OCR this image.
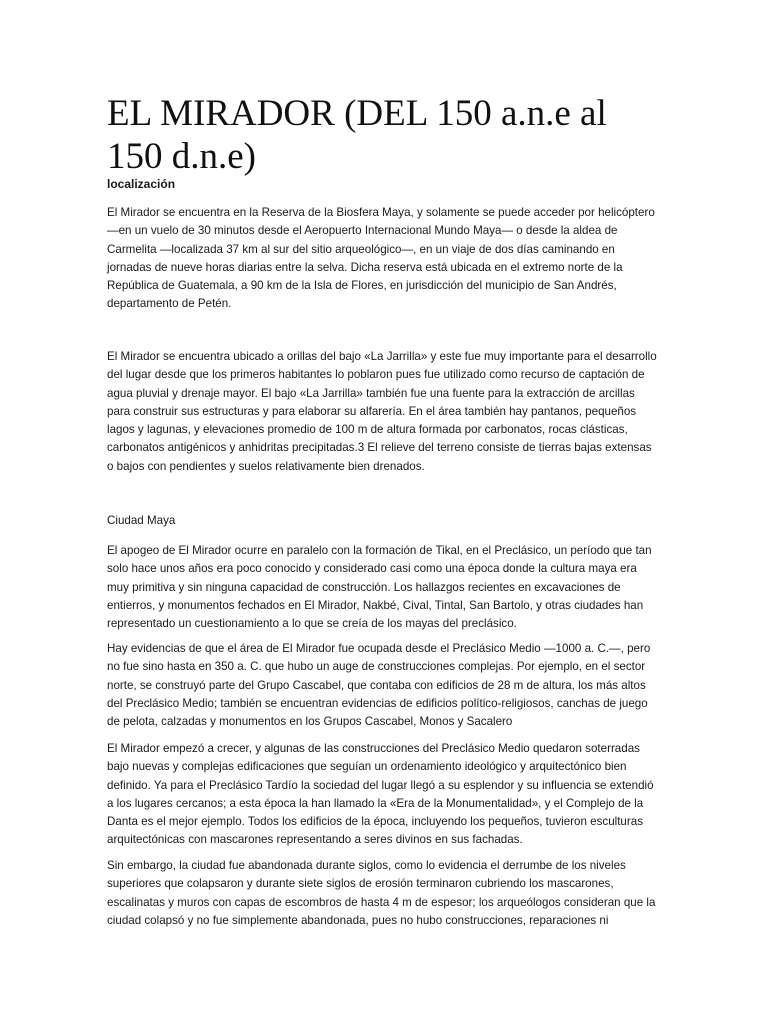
EL MIRADOR (DEL 150 a.n.e al 150 d.n.e)
localización

El Mirador se encuentra en la Reserva de la Biosfera Maya, y solamente se puede acceder por helicóptero —en un vuelo de 30 minutos desde el Aeropuerto Internacional Mundo Maya— o desde la aldea de Carmelita —localizada 37 km al sur del sitio arqueológico—, en un viaje de dos días caminando en jornadas de nueve horas diarias entre la selva. Dicha reserva está ubicada en el extremo norte de la República de Guatemala, a 90 km de la Isla de Flores, en jurisdicción del municipio de San Andrés, departamento de Petén.

El Mirador se encuentra ubicado a orillas del bajo «La Jarrilla» y este fue muy importante para el desarrollo del lugar desde que los primeros habitantes lo poblaron pues fue utilizado como recurso de captación de agua pluvial y drenaje mayor. El bajo «La Jarrilla» también fue una fuente para la extracción de arcillas para construir sus estructuras y para elaborar su alfarería. En el área también hay pantanos, pequeños lagos y lagunas, y elevaciones promedio de 100 m de altura formada por carbonatos, rocas clásticas, carbonatos antigénicos y anhidritas precipitadas.3 El relieve del terreno consiste de tierras bajas extensas o bajos con pendientes y suelos relativamente bien drenados.

Ciudad Maya

El apogeo de El Mirador ocurre en paralelo con la formación de Tikal, en el Preclásico, un período que tan solo hace unos años era poco conocido y considerado casi como una época donde la cultura maya era muy primitiva y sin ninguna capacidad de construcción. Los hallazgos recientes en excavaciones de entierros, y monumentos fechados en El Mirador, Nakbé, Cival, Tintal, San Bartolo, y otras ciudades han representado un cuestionamiento a lo que se creía de los mayas del preclásico.

Hay evidencias de que el área de El Mirador fue ocupada desde el Preclásico Medio —1000 a. C.—, pero no fue sino hasta en 350 a. C. que hubo un auge de construcciones complejas. Por ejemplo, en el sector norte, se construyó parte del Grupo Cascabel, que contaba con edificios de 28 m de altura, los más altos del Preclásico Medio; también se encuentran evidencias de edificios político-religiosos, canchas de juego de pelota, calzadas y monumentos en los Grupos Cascabel, Monos y Sacalero

El Mirador empezó a crecer, y algunas de las construcciones del Preclásico Medio quedaron soterradas bajo nuevas y complejas edificaciones que seguían un ordenamiento ideológico y arquitectónico bien definido. Ya para el Preclásico Tardío la sociedad del lugar llegó a su esplendor y su influencia se extendió a los lugares cercanos; a esta época la han llamado la «Era de la Monumentalidad», y el Complejo de la Danta es el mejor ejemplo. Todos los edificios de la época, incluyendo los pequeños, tuvieron esculturas arquitectónicas con mascarones representando a seres divinos en sus fachadas.

Sin embargo, la ciudad fue abandonada durante siglos, como lo evidencia el derrumbe de los niveles superiores que colapsaron y durante siete siglos de erosión terminaron cubriendo los mascarones, escalinatas y muros con capas de escombros de hasta 4 m de espesor; los arqueólogos consideran que la ciudad colapsó y no fue simplemente abandonada, pues no hubo construcciones, reparaciones ni
